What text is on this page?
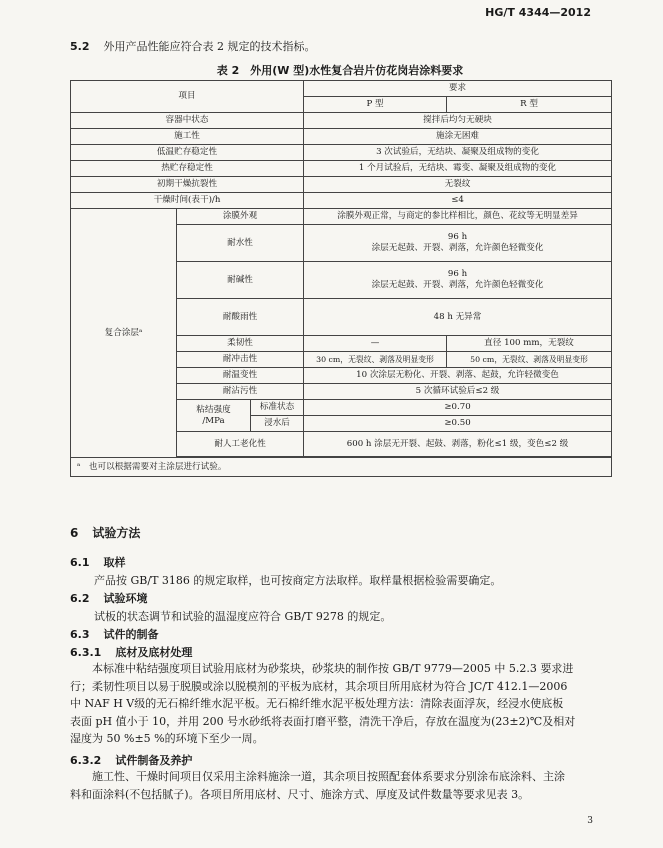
HG/T 4344—2012
5.2 外用产品性能应符合表 2 规定的技术指标。
表 2　外用(W 型)水性复合岩片仿花岗岩涂料要求
项目			要求	
			P 型	R 型
容器中状态			搅拌后均匀无硬块	
施工性			施涂无困难	
低温贮存稳定性			3 次试验后，无结块、凝聚及组成物的变化	
热贮存稳定性			1 个月试验后，无结块、霉变、凝聚及组成物的变化	
初期干燥抗裂性			无裂纹	
干燥时间(表干)/h			≤4	
复合涂层ᵃ	涂膜外观		涂膜外观正常，与商定的参比样相比，颜色、花纹等无明显差异	
	耐水性		96 h
涂层无起鼓、开裂、剥落，允许颜色轻微变化	

	耐碱性		96 h
涂层无起鼓、开裂、剥落，允许颜色轻微变化	

	耐酸雨性		48 h 无异常	
	柔韧性		—	直径 100 mm，无裂纹
	耐冲击性		30 cm，无裂纹、剥落及明显变形	50 cm，无裂纹、剥落及明显变形
	耐温变性		10 次涂层无粉化、开裂、剥落、起鼓，允许轻微变色	
	耐沾污性		5 次循环试验后≤2 级	

	粘结强度
/MPa	标准状态	≥0.70	
		浸水后	≥0.50	
	耐人工老化性		600 h 涂层无开裂、起鼓、剥落，粉化≤1 级，变色≤2 级	

ᵃ　也可以根据需要对主涂层进行试验。				
6 试验方法
6.1 取样
产品按 GB/T 3186 的规定取样，也可按商定方法取样。取样量根据检验需要确定。
6.2 试验环境
试板的状态调节和试验的温湿度应符合 GB/T 9278 的规定。
6.3 试件的制备
6.3.1 底材及底材处理
本标准中粘结强度项目试验用底材为砂浆块，砂浆块的制作按 GB/T 9779—2005 中 5.2.3 要求进
行；柔韧性项目以易于脱膜或涂以脱模剂的平板为底材，其余项目所用底材为符合 JC/T 412.1—2006
中 NAF H Ⅴ级的无石棉纤维水泥平板。无石棉纤维水泥平板处理方法：清除表面浮灰，经浸水使底板
表面 pH 值小于 10，并用 200 号水砂纸将表面打磨平整，清洗干净后，存放在温度为(23±2)℃及相对
湿度为 50 %±5 %的环境下至少一周。
6.3.2 试件制备及养护
施工性、干燥时间项目仅采用主涂料施涂一道，其余项目按照配套体系要求分别涂布底涂料、主涂
料和面涂料(不包括腻子)。各项目所用底材、尺寸、施涂方式、厚度及试件数量等要求见表 3。
3
